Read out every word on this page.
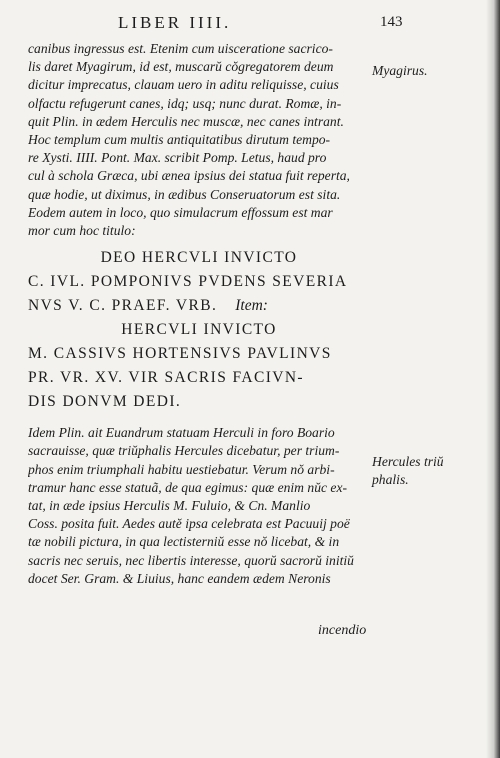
LIBER IIII.	143
canibus ingressus est. Etenim cum uisceratione sacrico-
lis daret Myagirum, id est, muscarŭ cŏgregatorem deum
dicitur imprecatus, clauam uero in aditu reliquisse, cuius
olfactu refugerunt canes, idq; usq; nunc durat. Romæ, in-
quit Plin. in ædem Herculis nec muscæ, nec canes intrant.
Hoc templum cum multis antiquitatibus dirutum tempo-
re Xysti. IIII. Pont. Max. scribit Pomp. Letus, haud pro
cul à schola Græca, ubi ænea ipsius dei statua fuit reperta,
quæ hodie, ut diximus, in ædibus Conseruatorum est sita.
Eodem autem in loco, quo simulacrum effossum est mar
mor cum hoc titulo:
DEO HERCVLI INVICTO
C. IVL. POMPONIVS PVDENS SEVERIA
NVS V. C. PRAEF. VRB. Item:
HERCVLI INVICTO
M. CASSIVS HORTENSIVS PAVLINVS
PR. VR. XV. VIR SACRIS FACIVN-
DIS DONVM DEDI.
Idem Plin. ait Euandrum statuam Herculi in foro Boario
sacrauisse, quæ triŭphalis Hercules dicebatur, per trium-
phos enim triumphali habitu uestiebatur. Verum nŏ arbi-
tramur hanc esse statuã, de qua egimus: quæ enim nŭc ex-
tat, in æde ipsius Herculis M. Fuluio, & Cn. Manlio
Coss. posita fuit. Aedes autĕ ipsa celebrata est Pacuuij poë
tæ nobili pictura, in qua lectisterniŭ esse nŏ licebat, & in
sacris nec seruis, nec libertis interesse, quorŭ sacrorŭ initiŭ
docet Ser. Gram. & Liuius, hanc eandem ædem Neronis
Myagirus.
Hercules triŭ
phalis.
incendio
